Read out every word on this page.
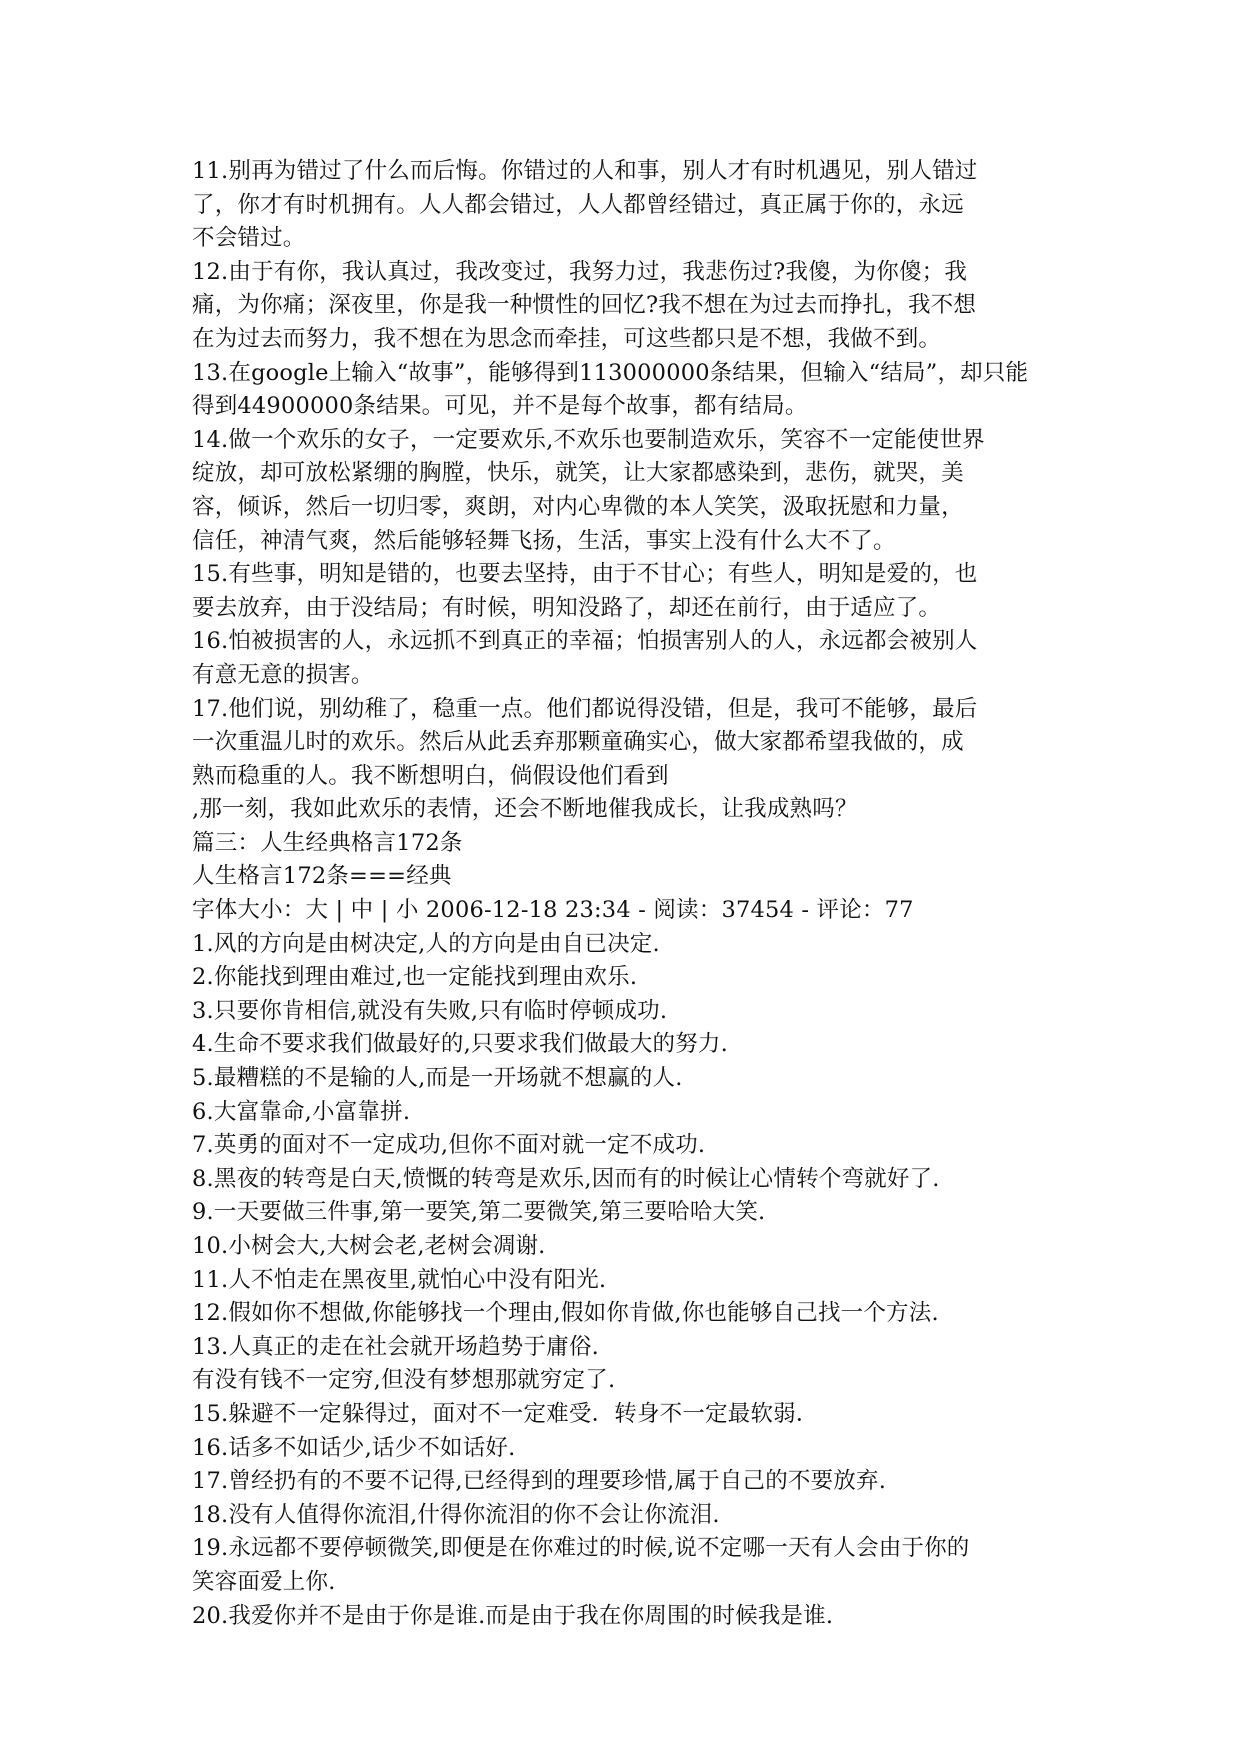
11.别再为错过了什么而后悔。你错过的人和事，别人才有时机遇见，别人错过
了，你才有时机拥有。人人都会错过，人人都曾经错过，真正属于你的，永远
不会错过。
12.由于有你，我认真过，我改变过，我努力过，我悲伤过?我傻，为你傻；我
痛，为你痛；深夜里，你是我一种惯性的回忆?我不想在为过去而挣扎，我不想
在为过去而努力，我不想在为思念而牵挂，可这些都只是不想，我做不到。
13.在google上输入“故事”，能够得到113000000条结果，但输入“结局”，却只能
得到44900000条结果。可见，并不是每个故事，都有结局。
14.做一个欢乐的女子，一定要欢乐,不欢乐也要制造欢乐，笑容不一定能使世界
绽放，却可放松紧绷的胸膛，快乐，就笑，让大家都感染到，悲伤，就哭，美
容，倾诉，然后一切归零，爽朗，对内心卑微的本人笑笑，汲取抚慰和力量，
信任，神清气爽，然后能够轻舞飞扬，生活，事实上没有什么大不了。
15.有些事，明知是错的，也要去坚持，由于不甘心；有些人，明知是爱的，也
要去放弃，由于没结局；有时候，明知没路了，却还在前行，由于适应了。
16.怕被损害的人，永远抓不到真正的幸福；怕损害别人的人，永远都会被别人
有意无意的损害。
17.他们说，别幼稚了，稳重一点。他们都说得没错，但是，我可不能够，最后
一次重温儿时的欢乐。然后从此丢弃那颗童确实心，做大家都希望我做的，成
熟而稳重的人。我不断想明白，倘假设他们看到
,那一刻，我如此欢乐的表情，还会不断地催我成长，让我成熟吗？
篇三：人生经典格言172条
人生格言172条===经典
字体大小：大 | 中 | 小 2006-12-18 23:34 - 阅读：37454 - 评论：77
1.风的方向是由树决定,人的方向是由自已决定.
2.你能找到理由难过,也一定能找到理由欢乐.
3.只要你肯相信,就没有失败,只有临时停顿成功.
4.生命不要求我们做最好的,只要求我们做最大的努力.
5.最糟糕的不是输的人,而是一开场就不想赢的人.
6.大富靠命,小富靠拼.
7.英勇的面对不一定成功,但你不面对就一定不成功.
8.黑夜的转弯是白天,愤慨的转弯是欢乐,因而有的时候让心情转个弯就好了.
9.一天要做三件事,第一要笑,第二要微笑,第三要哈哈大笑.
10.小树会大,大树会老,老树会凋谢.
11.人不怕走在黑夜里,就怕心中没有阳光.
12.假如你不想做,你能够找一个理由,假如你肯做,你也能够自己找一个方法.
13.人真正的走在社会就开场趋势于庸俗.
有没有钱不一定穷,但没有梦想那就穷定了.
15.躲避不一定躲得过，面对不一定难受．转身不一定最软弱．
16.话多不如话少,话少不如话好.
17.曾经扔有的不要不记得,已经得到的理要珍惜,属于自己的不要放弃.
18.没有人值得你流泪,什得你流泪的你不会让你流泪.
19.永远都不要停顿微笑,即便是在你难过的时候,说不定哪一天有人会由于你的
笑容面爱上你.
20.我爱你并不是由于你是谁.而是由于我在你周围的时候我是谁.
